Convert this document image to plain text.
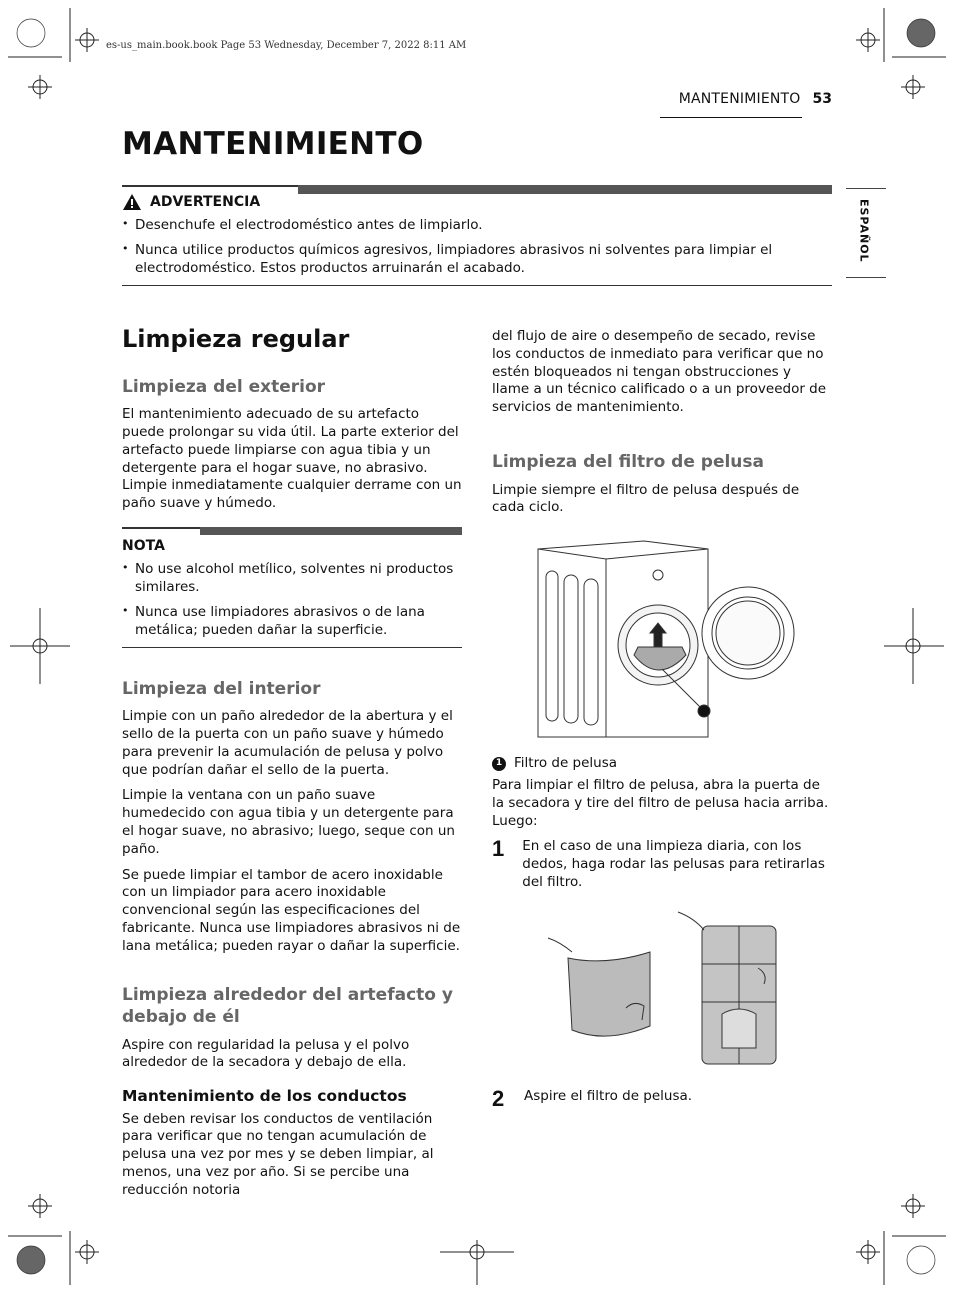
es-us_main.book.book Page 53 Wednesday, December 7, 2022 8:11 AM
MANTENIMIENTO 53
MANTENIMIENTO
ESPAÑOL
ADVERTENCIA
• Desenchufe el electrodoméstico antes de limpiarlo.
• Nunca utilice productos químicos agresivos, limpiadores abrasivos ni solventes para limpiar el electrodoméstico. Estos productos arruinarán el acabado.
Limpieza regular
Limpieza del exterior

El mantenimiento adecuado de su artefacto puede prolongar su vida útil. La parte exterior del artefacto puede limpiarse con agua tibia y un detergente para el hogar suave, no abrasivo. Limpie inmediatamente cualquier derrame con un paño suave y húmedo.

NOTA
• No use alcohol metílico, solventes ni productos similares.
• Nunca use limpiadores abrasivos o de lana metálica; pueden dañar la superficie.
Limpieza del interior

Limpie con un paño alrededor de la abertura y el sello de la puerta con un paño suave y húmedo para prevenir la acumulación de pelusa y polvo que podrían dañar el sello de la puerta.

Limpie la ventana con un paño suave humedecido con agua tibia y un detergente para el hogar suave, no abrasivo; luego, seque con un paño.

Se puede limpiar el tambor de acero inoxidable con un limpiador para acero inoxidable convencional según las especificaciones del fabricante. Nunca use limpiadores abrasivos ni de lana metálica; pueden rayar o dañar la superficie.

Limpieza alrededor del artefacto y debajo de él

Aspire con regularidad la pelusa y el polvo alrededor de la secadora y debajo de ella.

Mantenimiento de los conductos

Se deben revisar los conductos de ventilación para verificar que no tengan acumulación de pelusa una vez por mes y se deben limpiar, al menos, una vez por año. Si se percibe una reducción notoria

del flujo de aire o desempeño de secado, revise los conductos de inmediato para verificar que no estén bloqueados ni tengan obstrucciones y llame a un técnico calificado o a un proveedor de servicios de mantenimiento.

Limpieza del filtro de pelusa

Limpie siempre el filtro de pelusa después de cada ciclo.

1 Filtro de pelusa

Para limpiar el filtro de pelusa, abra la puerta de la secadora y tire del filtro de pelusa hacia arriba. Luego:

1 En el caso de una limpieza diaria, con los dedos, haga rodar las pelusas para retirarlas del filtro.
2 Aspire el filtro de pelusa.
